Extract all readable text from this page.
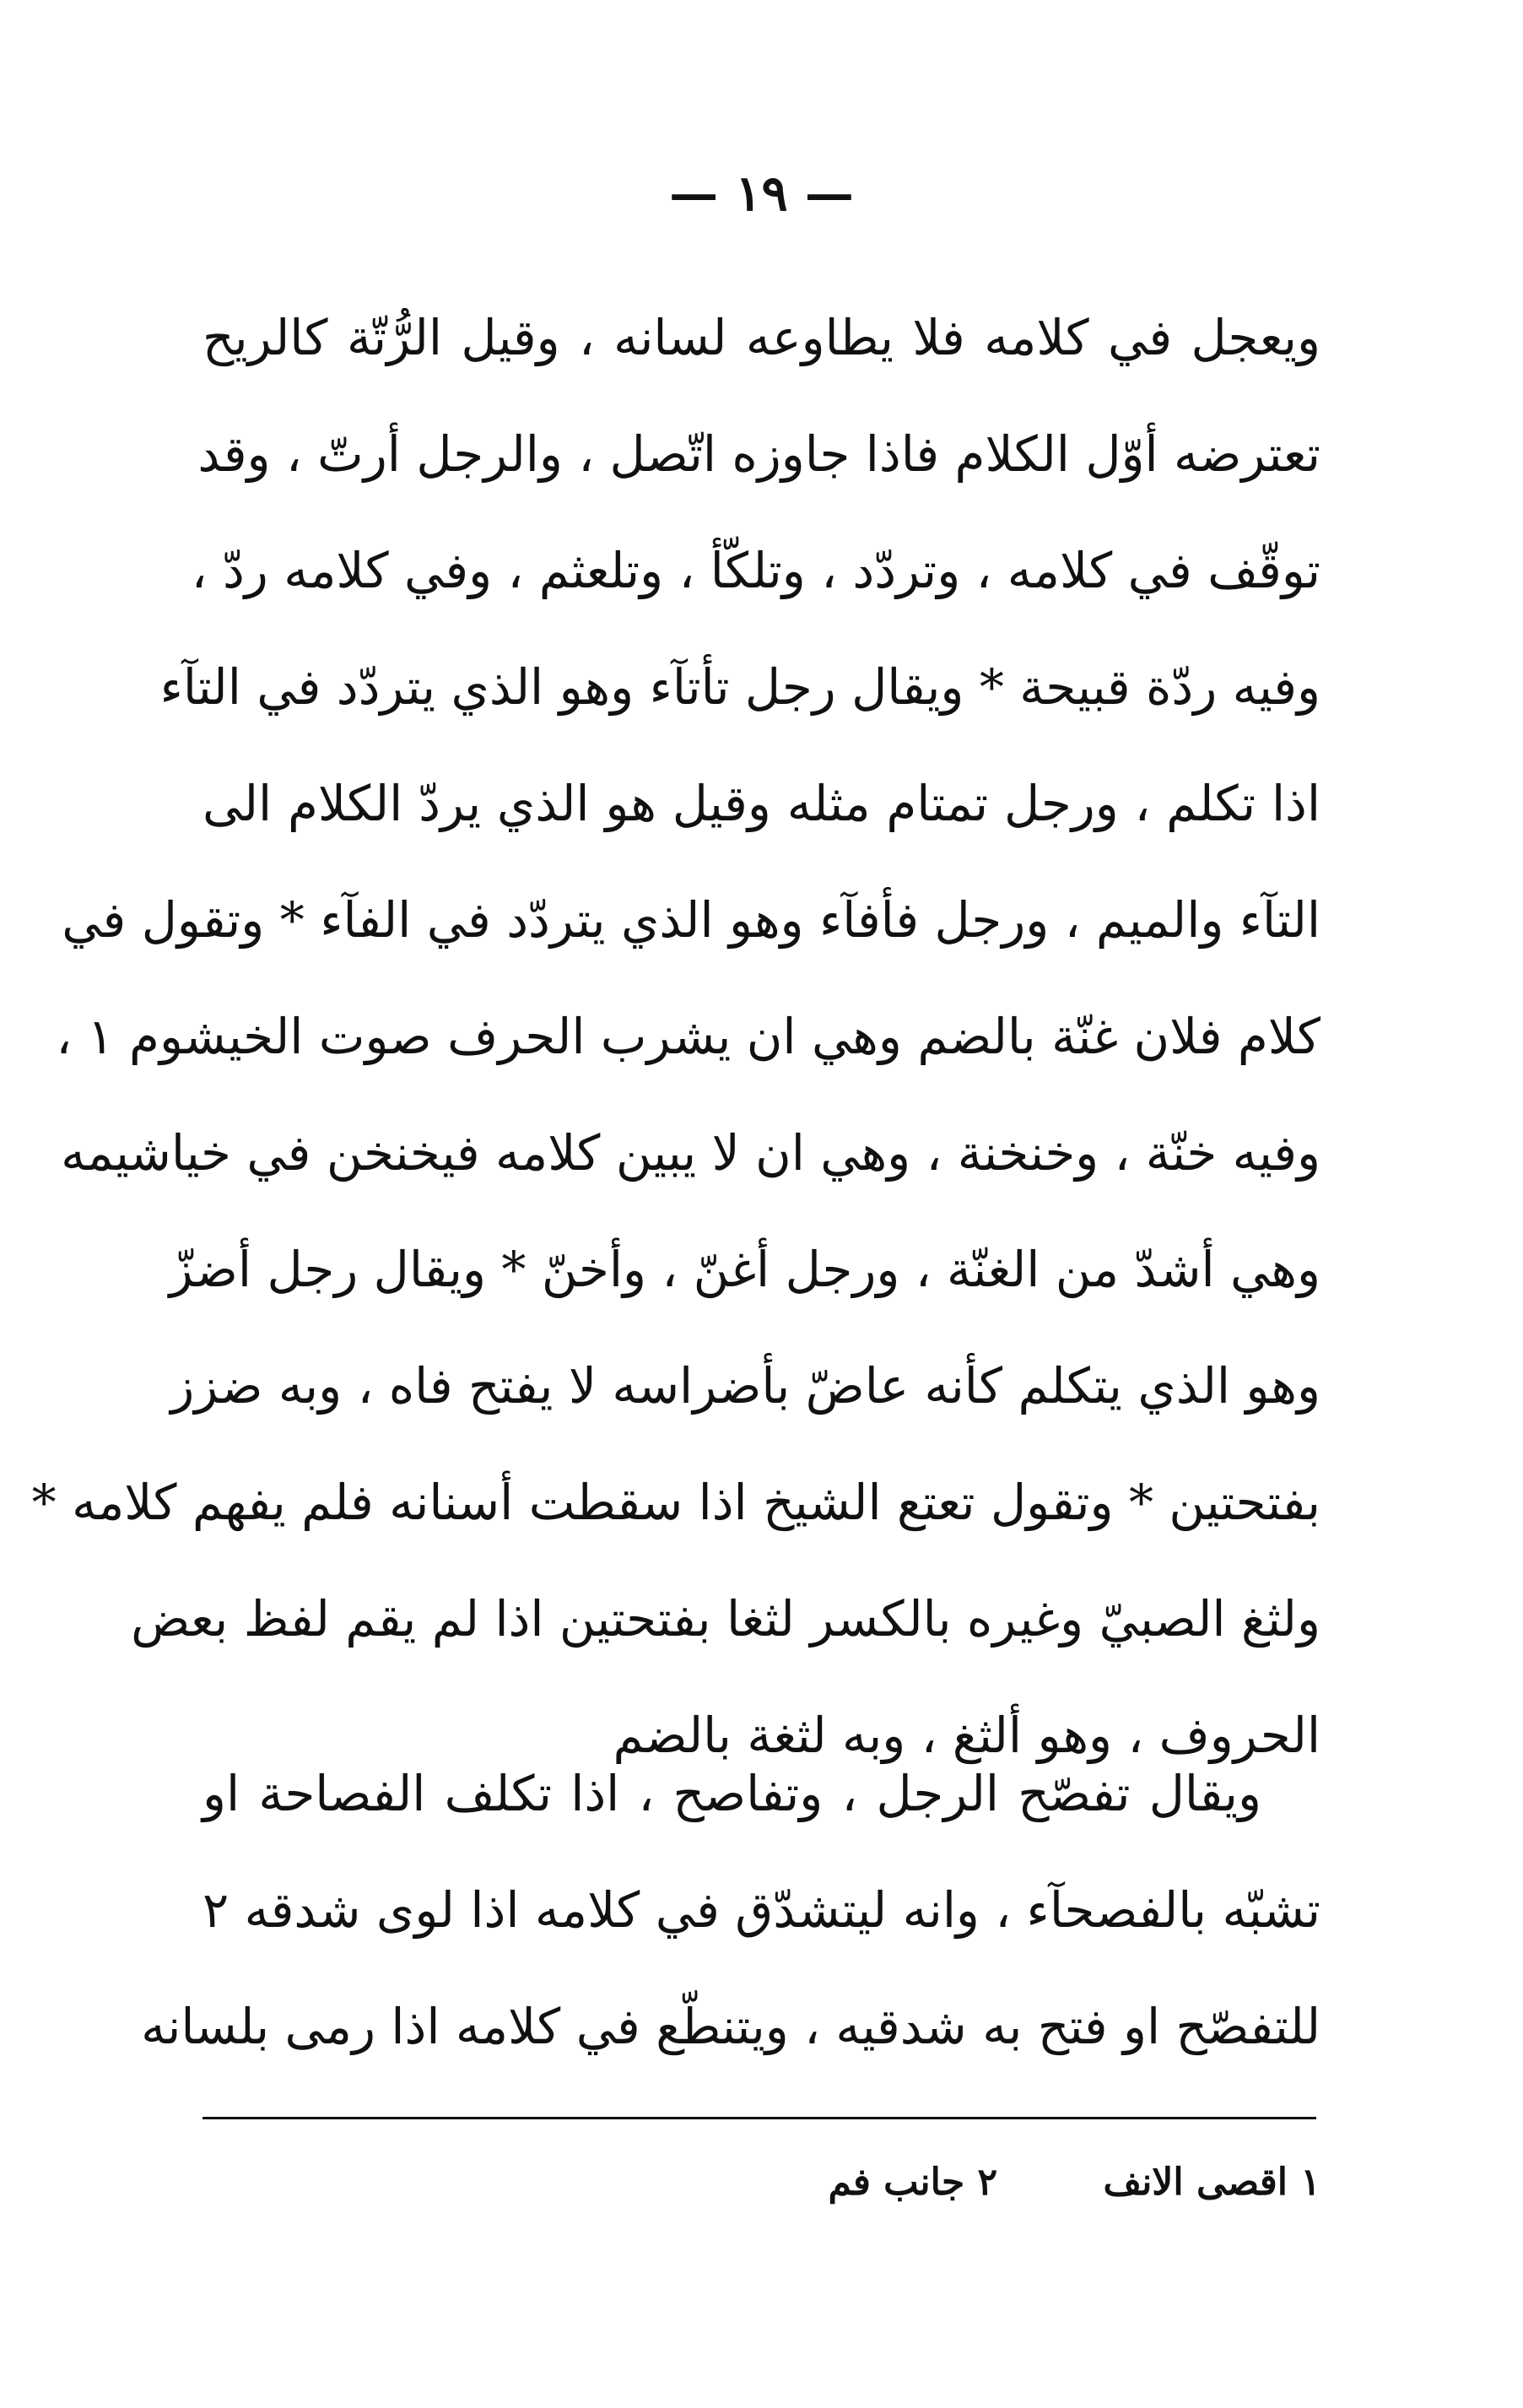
— ١٩ —
ويعجل في كلامه فلا يطاوعه لسانه ، وقيل الرُّتّة كالريح
تعترضه أوّل الكلام فاذا جاوزه اتّصل ، والرجل أرتّ ، وقد
توقّف في كلامه ، وتردّد ، وتلكّأ ، وتلعثم ، وفي كلامه ردّ ،
وفيه ردّة قبيحة * ويقال رجل تأتآء وهو الذي يتردّد في التآء
اذا تكلم ، ورجل تمتام مثله وقيل هو الذي يردّ الكلام الى
التآء والميم ، ورجل فأفآء وهو الذي يتردّد في الفآء * وتقول في
كلام فلان غنّة بالضم وهي ان يشرب الحرف صوت الخيشوم ١ ،
وفيه خنّة ، وخنخنة ، وهي ان لا يبين كلامه فيخنخن في خياشيمه
وهي أشدّ من الغنّة ، ورجل أغنّ ، وأخنّ * ويقال رجل أضزّ
وهو الذي يتكلم كأنه عاضّ بأضراسه لا يفتح فاه ، وبه ضزز
بفتحتين * وتقول تعتع الشيخ اذا سقطت أسنانه فلم يفهم كلامه *
ولثغ الصبيّ وغيره بالكسر لثغا بفتحتين اذا لم يقم لفظ بعض
الحروف ، وهو ألثغ ، وبه لثغة بالضم
ويقال تفصّح الرجل ، وتفاصح ، اذا تكلف الفصاحة او
تشبّه بالفصحآء ، وانه ليتشدّق في كلامه اذا لوى شدقه ٢
للتفصّح او فتح به شدقيه ، ويتنطّع في كلامه اذا رمى بلسانه
١ اقصى الانف ٢ جانب فم
